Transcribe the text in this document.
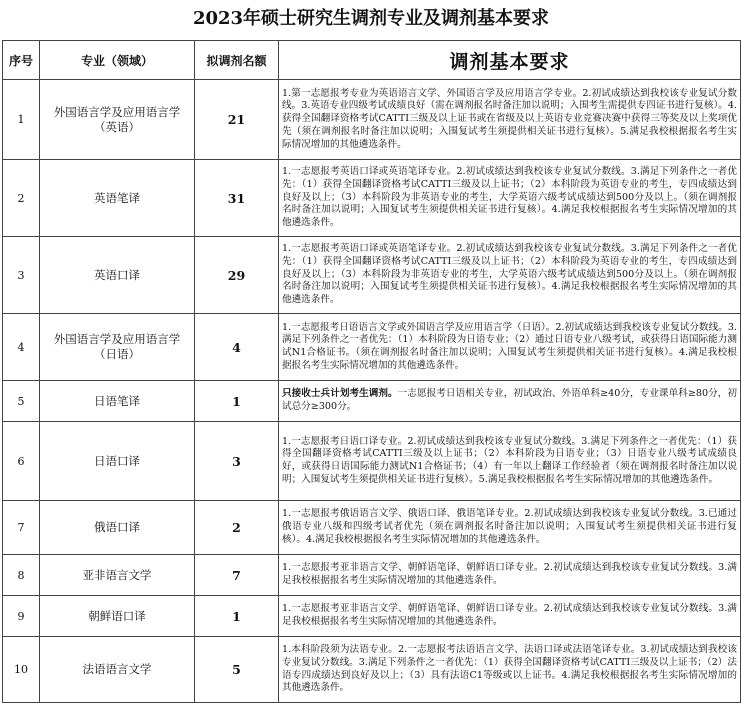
2023年硕士研究生调剂专业及调剂基本要求
序号	专业（领域）	拟调剂名额	调剂基本要求
1	外国语言学及应用语言学（英语）	21	1.第一志愿报考专业为英语语言文学、外国语言学及应用语言学专业。2.初试成绩达到我校该专业复试分数线。3.英语专业四级考试成绩良好（需在调剂报名时备注加以说明；入围考生需提供专四证书进行复核）。4.获得全国翻译资格考试CATTI三级及以上证书或在省级及以上英语专业竞赛决赛中获得三等奖及以上奖项优先（须在调剂报名时备注加以说明；入围复试考生须提供相关证书进行复核）。5.满足我校根据报名考生实际情况增加的其他遴选条件。
2	英语笔译	31	1.一志愿报考英语口译或英语笔译专业。2.初试成绩达到我校该专业复试分数线。3.满足下列条件之一者优先：（1）获得全国翻译资格考试CATTI三级及以上证书；（2）本科阶段为英语专业的考生，专四成绩达到良好及以上；（3）本科阶段为非英语专业的考生，大学英语六级考试成绩达到500分及以上。（须在调剂报名时备注加以说明；入围复试考生须提供相关证书进行复核）。4.满足我校根据报名考生实际情况增加的其他遴选条件。
3	英语口译	29	1.一志愿报考英语口译或英语笔译专业。2.初试成绩达到我校该专业复试分数线。3.满足下列条件之一者优先：（1）获得全国翻译资格考试CATTI三级及以上证书；（2）本科阶段为英语专业的考生，专四成绩达到良好及以上；（3）本科阶段为非英语专业的考生，大学英语六级考试成绩达到500分及以上。（须在调剂报名时备注加以说明；入围复试考生须提供相关证书进行复核）。4.满足我校根据报名考生实际情况增加的其他遴选条件。
4	外国语言学及应用语言学（日语）	4	1.一志愿报考日语语言文学或外国语言学及应用语言学（日语）。2.初试成绩达到我校该专业复试分数线。3.满足下列条件之一者优先：（1）本科阶段为日语专业；（2）通过日语专业八级考试，或获得日语国际能力测试N1合格证书。（须在调剂报名时备注加以说明；入围复试考生须提供相关证书进行复核）。4.满足我校根据报名考生实际情况增加的其他遴选条件。
5	日语笔译	1	只接收士兵计划考生调剂。一志愿报考日语相关专业，初试政治、外语单科≥40分，专业课单科≥80分，初试总分≥300分。
6	日语口译	3	1.一志愿报考日语口译专业。2.初试成绩达到我校该专业复试分数线。3.满足下列条件之一者优先：（1）获得全国翻译资格考试CATTI三级及以上证书；（2）本科阶段为日语专业；（3）日语专业八级考试成绩良好，或获得日语国际能力测试N1合格证书；（4）有一年以上翻译工作经验者（须在调剂报名时备注加以说明；入围复试考生须提供相关证书进行复核）。5.满足我校根据报名考生实际情况增加的其他遴选条件。
7	俄语口译	2	1.一志愿报考俄语语言文学、俄语口译、俄语笔译专业。2.初试成绩达到我校该专业复试分数线。3.已通过俄语专业八级和四级考试者优先（须在调剂报名时备注加以说明；入围复试考生须提供相关证书进行复核）。4.满足我校根据报名考生实际情况增加的其他遴选条件。
8	亚非语言文学	7	1.一志愿报考亚非语言文学、朝鲜语笔译、朝鲜语口译专业。2.初试成绩达到我校该专业复试分数线。3.满足我校根据报名考生实际情况增加的其他遴选条件。
9	朝鲜语口译	1	1.一志愿报考亚非语言文学、朝鲜语笔译、朝鲜语口译专业。2.初试成绩达到我校该专业复试分数线。3.满足我校根据报名考生实际情况增加的其他遴选条件。
10	法语语言文学	5	1.本科阶段须为法语专业。2.一志愿报考法语语言文学、法语口译或法语笔译专业。3.初试成绩达到我校该专业复试分数线。3.满足下列条件之一者优先：（1）获得全国翻译资格考试CATTI三级及以上证书；（2）法语专四成绩达到良好及以上；（3）具有法语C1等级或以上证书。4.满足我校根据报名考生实际情况增加的其他遴选条件。
